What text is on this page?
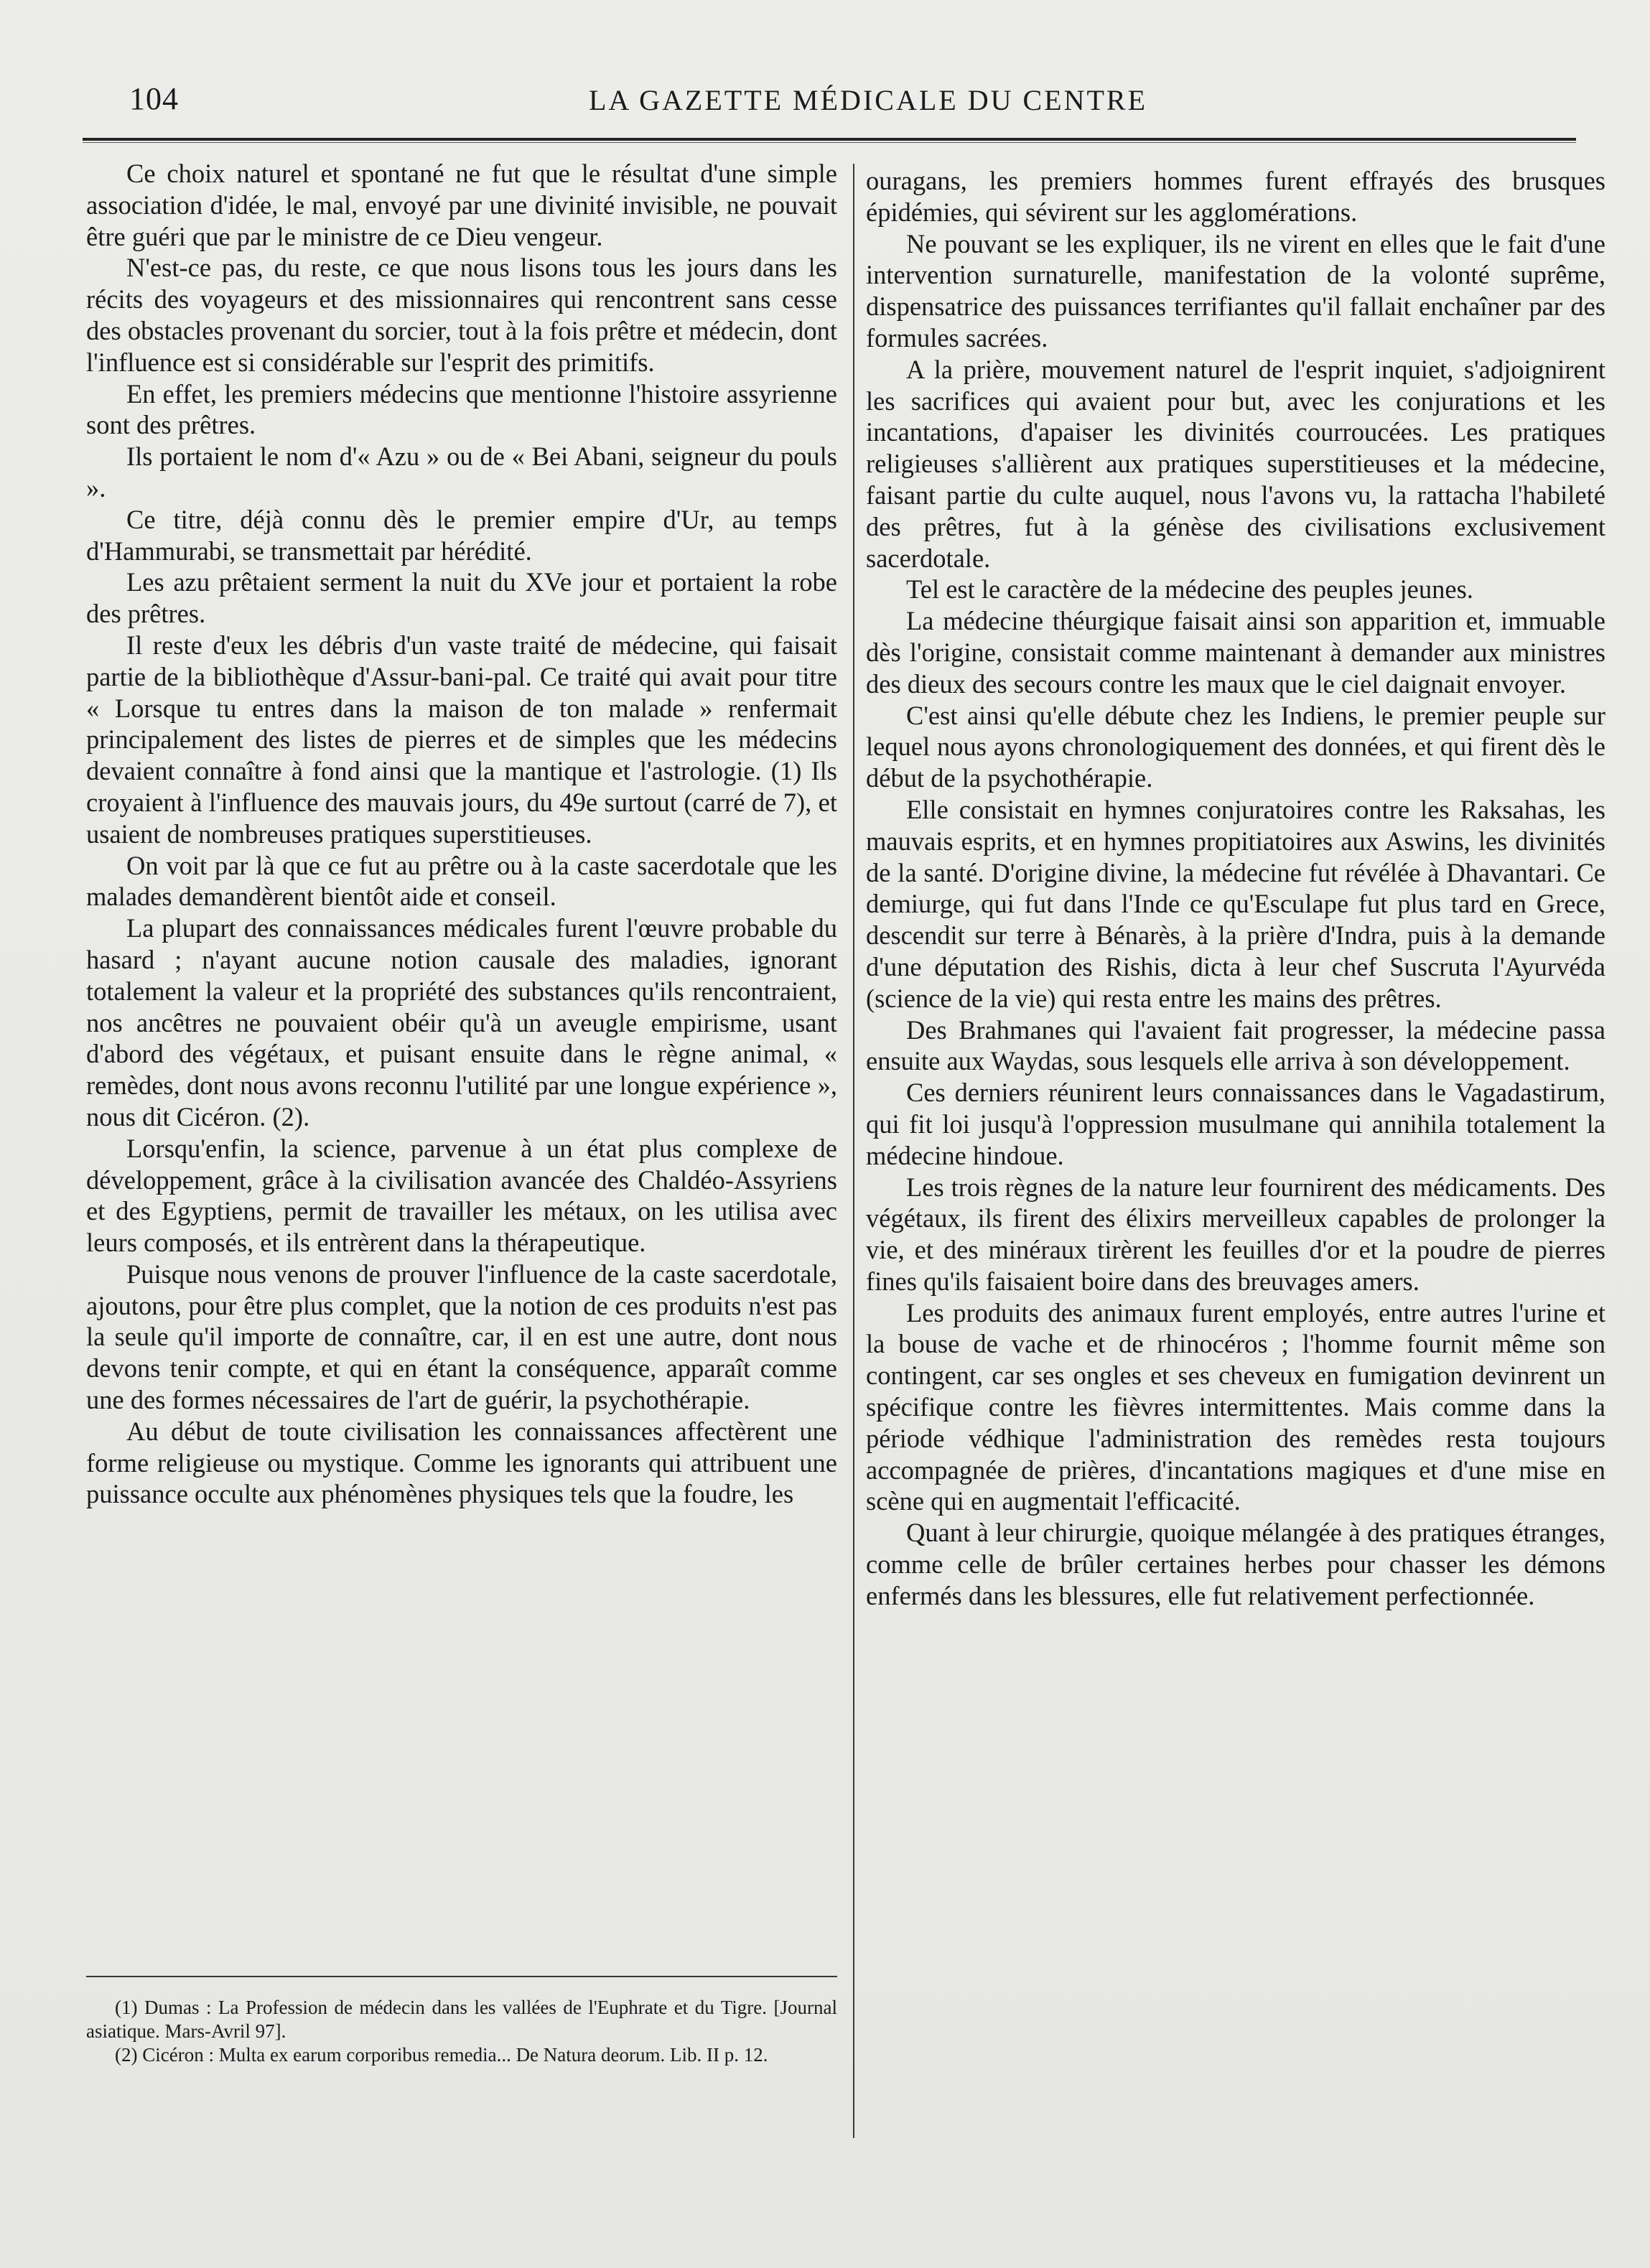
104	LA GAZETTE MÉDICALE DU CENTRE

Ce choix naturel et spontané ne fut que le résultat d'une simple association d'idée, le mal, envoyé par une divinité invisible, ne pouvait être guéri que par le ministre de ce Dieu vengeur.

N'est-ce pas, du reste, ce que nous lisons tous les jours dans les récits des voyageurs et des missionnaires qui rencontrent sans cesse des obstacles provenant du sorcier, tout à la fois prêtre et médecin, dont l'influence est si considérable sur l'esprit des primitifs.

En effet, les premiers médecins que mentionne l'histoire assyrienne sont des prêtres.

Ils portaient le nom d'« Azu » ou de « Bei Abani, seigneur du pouls ».

Ce titre, déjà connu dès le premier empire d'Ur, au temps d'Hammurabi, se transmettait par hérédité.

Les azu prêtaient serment la nuit du XVe jour et portaient la robe des prêtres.

Il reste d'eux les débris d'un vaste traité de médecine, qui faisait partie de la bibliothèque d'Assur-bani-pal. Ce traité qui avait pour titre « Lorsque tu entres dans la maison de ton malade » renfermait principalement des listes de pierres et de simples que les médecins devaient connaître à fond ainsi que la mantique et l'astrologie. (1) Ils croyaient à l'influence des mauvais jours, du 49e surtout (carré de 7), et usaient de nombreuses pratiques superstitieuses.

On voit par là que ce fut au prêtre ou à la caste sacerdotale que les malades demandèrent bientôt aide et conseil.

La plupart des connaissances médicales furent l'œuvre probable du hasard ; n'ayant aucune notion causale des maladies, ignorant totalement la valeur et la propriété des substances qu'ils rencontraient, nos ancêtres ne pouvaient obéir qu'à un aveugle empirisme, usant d'abord des végétaux, et puisant ensuite dans le règne animal, « remèdes, dont nous avons reconnu l'utilité par une longue expérience », nous dit Cicéron. (2).

Lorsqu'enfin, la science, parvenue à un état plus complexe de développement, grâce à la civilisation avancée des Chaldéo-Assyriens et des Egyptiens, permit de travailler les métaux, on les utilisa avec leurs composés, et ils entrèrent dans la thérapeutique.

Puisque nous venons de prouver l'influence de la caste sacerdotale, ajoutons, pour être plus complet, que la notion de ces produits n'est pas la seule qu'il importe de connaître, car, il en est une autre, dont nous devons tenir compte, et qui en étant la conséquence, apparaît comme une des formes nécessaires de l'art de guérir, la psychothérapie.

Au début de toute civilisation les connaissances affectèrent une forme religieuse ou mystique. Comme les ignorants qui attribuent une puissance occulte aux phénomènes physiques tels que la foudre, les

(1) Dumas : La Profession de médecin dans les vallées de l'Euphrate et du Tigre. [Journal asiatique. Mars-Avril 97].

(2) Cicéron : Multa ex earum corporibus remedia... De Natura deorum. Lib. II p. 12.

ouragans, les premiers hommes furent effrayés des brusques épidémies, qui sévirent sur les agglomérations.

Ne pouvant se les expliquer, ils ne virent en elles que le fait d'une intervention surnaturelle, manifestation de la volonté suprême, dispensatrice des puissances terrifiantes qu'il fallait enchaîner par des formules sacrées.

A la prière, mouvement naturel de l'esprit inquiet, s'adjoignirent les sacrifices qui avaient pour but, avec les conjurations et les incantations, d'apaiser les divinités courroucées. Les pratiques religieuses s'allièrent aux pratiques superstitieuses et la médecine, faisant partie du culte auquel, nous l'avons vu, la rattacha l'habileté des prêtres, fut à la génèse des civilisations exclusivement sacerdotale.

Tel est le caractère de la médecine des peuples jeunes.

La médecine théurgique faisait ainsi son apparition et, immuable dès l'origine, consistait comme maintenant à demander aux ministres des dieux des secours contre les maux que le ciel daignait envoyer.

C'est ainsi qu'elle débute chez les Indiens, le premier peuple sur lequel nous ayons chronologiquement des données, et qui firent dès le début de la psychothérapie.

Elle consistait en hymnes conjuratoires contre les Raksahas, les mauvais esprits, et en hymnes propitiatoires aux Aswins, les divinités de la santé. D'origine divine, la médecine fut révélée à Dhavantari. Ce demiurge, qui fut dans l'Inde ce qu'Esculape fut plus tard en Grece, descendit sur terre à Bénarès, à la prière d'Indra, puis à la demande d'une députation des Rishis, dicta à leur chef Suscruta l'Ayurvéda (science de la vie) qui resta entre les mains des prêtres.

Des Brahmanes qui l'avaient fait progresser, la médecine passa ensuite aux Waydas, sous lesquels elle arriva à son développement.

Ces derniers réunirent leurs connaissances dans le Vagadastirum, qui fit loi jusqu'à l'oppression musulmane qui annihila totalement la médecine hindoue.

Les trois règnes de la nature leur fournirent des médicaments. Des végétaux, ils firent des élixirs merveilleux capables de prolonger la vie, et des minéraux tirèrent les feuilles d'or et la poudre de pierres fines qu'ils faisaient boire dans des breuvages amers.

Les produits des animaux furent employés, entre autres l'urine et la bouse de vache et de rhinocéros ; l'homme fournit même son contingent, car ses ongles et ses cheveux en fumigation devinrent un spécifique contre les fièvres intermittentes. Mais comme dans la période védhique l'administration des remèdes resta toujours accompagnée de prières, d'incantations magiques et d'une mise en scène qui en augmentait l'efficacité.

Quant à leur chirurgie, quoique mélangée à des pratiques étranges, comme celle de brûler certaines herbes pour chasser les démons enfermés dans les blessures, elle fut relativement perfectionnée.
